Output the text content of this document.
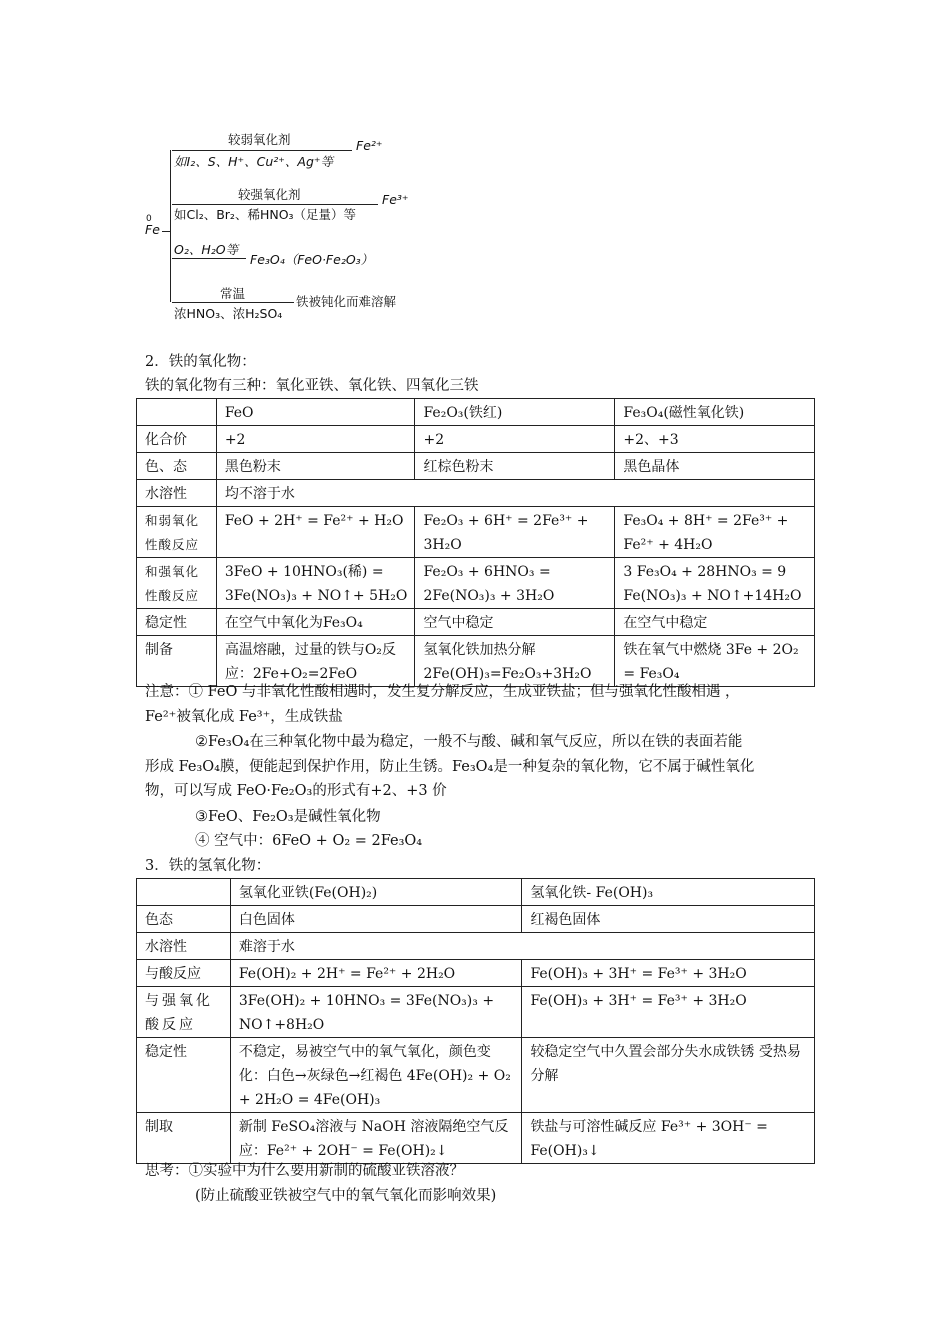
0
Fe
较弱氧化剂
如I₂、S、H⁺、Cu²⁺、Ag⁺等
Fe²⁺
较强氧化剂
如Cl₂、Br₂、稀HNO₃（足量）等
Fe³⁺
O₂、H₂O等
Fe₃O₄（FeO·Fe₂O₃）
常温
浓HNO₃、浓H₂SO₄
铁被钝化而难溶解
2．铁的氧化物：
铁的氧化物有三种：氧化亚铁、氧化铁、四氧化三铁
	FeO	Fe₂O₃(铁红)	Fe₃O₄(磁性氧化铁)
化合价	+2	+2	+2、+3
色、态	黑色粉末	红棕色粉末	黑色晶体
水溶性	均不溶于水		
和弱氧化性酸反应	FeO + 2H⁺ = Fe²⁺ + H₂O	Fe₂O₃ + 6H⁺ = 2Fe³⁺ + 3H₂O	Fe₃O₄ + 8H⁺ = 2Fe³⁺ + Fe²⁺ + 4H₂O
和强氧化性酸反应	3FeO + 10HNO₃(稀) = 3Fe(NO₃)₃ + NO↑+ 5H₂O	Fe₂O₃ + 6HNO₃ = 2Fe(NO₃)₃ + 3H₂O	3 Fe₃O₄ + 28HNO₃ = 9 Fe(NO₃)₃ + NO↑+14H₂O
稳定性	在空气中氧化为Fe₃O₄	空气中稳定	在空气中稳定
制备	高温熔融，过量的铁与O₂反应：2Fe+O₂=2FeO	氢氧化铁加热分解 2Fe(OH)₃=Fe₂O₃+3H₂O	铁在氧气中燃烧 3Fe + 2O₂ = Fe₃O₄
注意：① FeO 与非氧化性酸相遇时，发生复分解反应，生成亚铁盐；但与强氧化性酸相遇 ，
Fe²⁺被氧化成 Fe³⁺，生成铁盐
②Fe₃O₄在三种氧化物中最为稳定，一般不与酸、碱和氧气反应，所以在铁的表面若能
形成 Fe₃O₄膜，便能起到保护作用，防止生锈。Fe₃O₄是一种复杂的氧化物，它不属于碱性氧化
物，可以写成 FeO·Fe₂O₃的形式有+2、+3 价
③FeO、Fe₂O₃是碱性氧化物
④ 空气中：6FeO + O₂ = 2Fe₃O₄
3．铁的氢氧化物：
	氢氧化亚铁(Fe(OH)₂)	氢氧化铁- Fe(OH)₃
色态	白色固体	红褐色固体
水溶性	难溶于水	
与酸反应	Fe(OH)₂ + 2H⁺ = Fe²⁺ + 2H₂O	Fe(OH)₃ + 3H⁺ = Fe³⁺ + 3H₂O
与强氧化酸反应	3Fe(OH)₂ + 10HNO₃ = 3Fe(NO₃)₃ + NO↑+8H₂O	Fe(OH)₃ + 3H⁺ = Fe³⁺ + 3H₂O
稳定性	不稳定，易被空气中的氧气氧化，颜色变化：白色→灰绿色→红褐色 4Fe(OH)₂ + O₂ + 2H₂O = 4Fe(OH)₃	较稳定空气中久置会部分失水成铁锈 受热易分解
制取	新制 FeSO₄溶液与 NaOH 溶液隔绝空气反应：Fe²⁺ + 2OH⁻ = Fe(OH)₂↓	铁盐与可溶性碱反应 Fe³⁺ + 3OH⁻ = Fe(OH)₃↓
思考：①实验中为什么要用新制的硫酸亚铁溶液？
(防止硫酸亚铁被空气中的氧气氧化而影响效果)
